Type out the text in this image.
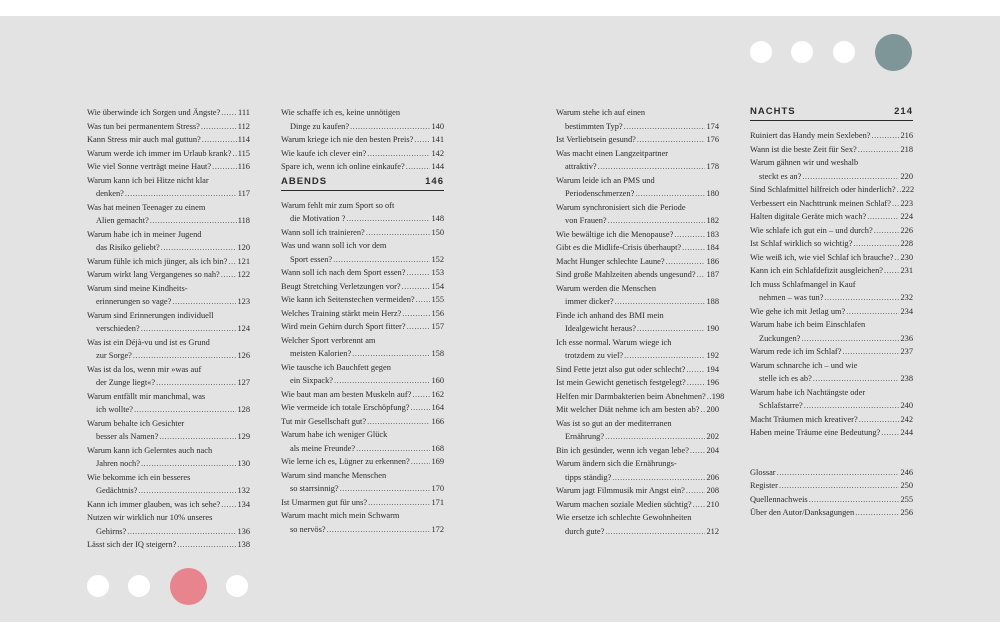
Wie überwinde ich Sorgen und Ängste? ..... 111
Was tun bei permanentem Stress? .....	112
Kann Stress mir auch mal guttun? .....	114
Warum werde ich immer im Urlaub krank? ..... 115
Wie viel Sonne verträgt meine Haut? .....	116
Warum kann ich bei Hitze nicht klar
denken? .....	117
Was hat meinen Teenager zu einem
Alien gemacht? .....	118
Warum habe ich in meiner Jugend
das Risiko geliebt? .....	120
Warum fühle ich mich jünger, als ich bin? ..... 121
Warum wirkt lang Vergangenes so nah? ..... 122
Warum sind meine Kindheits-
erinnerungen so vage? .....	123
Warum sind Erinnerungen individuell
verschieden? .....	124
Was ist ein Déjà-vu und ist es Grund
zur Sorge? .....	126
Was ist da los, wenn mir »was auf
der Zunge liegt«? .....	127
Warum entfällt mir manchmal, was
ich wollte? .....	128
Warum behalte ich Gesichter
besser als Namen? .....	129
Warum kann ich Gelerntes auch nach
Jahren noch? .....	130
Wie bekomme ich ein besseres
Gedächtnis? .....	132
Kann ich immer glauben, was ich sehe? ..... 134
Nutzen wir wirklich nur 10% unseres
Gehirns? .....	136
Lässt sich der IQ steigern? .....	138
Wie schaffe ich es, keine unnötigen
Dinge zu kaufen? .....	140
Warum kriege ich nie den besten Preis? ..... 141
Wie kaufe ich clever ein? .....	142
Spare ich, wenn ich online einkaufe? .....	144
ABENDS	146
Warum fehlt mir zum Sport so oft
die Motivation ? .....	148
Wann soll ich trainieren? .....	150
Was und wann soll ich vor dem
Sport essen? .....	152
Wann soll ich nach dem Sport essen? .....	153
Beugt Stretching Verletzungen vor? .....	154
Wie kann ich Seitenstechen vermeiden? ..... 155
Welches Training stärkt mein Herz? .....	156
Wird mein Gehirn durch Sport fitter? .....	157
Welcher Sport verbrennt am
meisten Kalorien? .....	158
Wie tausche ich Bauchfett gegen
ein Sixpack? .....	160
Wie baut man am besten Muskeln auf? ..... 162
Wie vermeide ich totale Erschöpfung? .....	164
Tut mir Gesellschaft gut? .....	166
Warum habe ich weniger Glück
als meine Freunde? .....	168
Wie lerne ich es, Lügner zu erkennen? .....	169
Warum sind manche Menschen
so starrsinnig? .....	170
Ist Umarmen gut für uns? .....	171
Warum macht mich mein Schwarm
so nervös? .....	172
Warum stehe ich auf einen
bestimmten Typ? .....	174
Ist Verliebtsein gesund? .....	176
Was macht einen Langzeitpartner
attraktiv? .....	178
Warum leide ich an PMS und
Periodenschmerzen? .....	180
Warum synchronisiert sich die Periode
von Frauen? .....	182
Wie bewältige ich die Menopause? .....	183
Gibt es die Midlife-Crisis überhaupt? .....	184
Macht Hunger schlechte Laune? .....	186
Sind große Mahlzeiten abends ungesund? ..... 187
Warum werden die Menschen
immer dicker? .....	188
Finde ich anhand des BMI mein
Idealgewicht heraus? .....	190
Ich esse normal. Warum wiege ich
trotzdem zu viel? .....	192
Sind Fette jetzt also gut oder schlecht? .....	194
Ist mein Gewicht genetisch festgelegt? ..... 196
Helfen mir Darmbakterien beim Abnehmen? ..... 198
Mit welcher Diät nehme ich am besten ab? ..... 200
Was ist so gut an der mediterranen
Ernährung? .....	202
Bin ich gesünder, wenn ich vegan lebe? ..... 204
Warum ändern sich die Ernährungs-
tipps ständig? .....	206
Warum jagt Filmmusik mir Angst ein? .....	208
Warum machen soziale Medien süchtig? ..... 210
Wie ersetze ich schlechte Gewohnheiten
durch gute? .....	212
NACHTS	214
Ruiniert das Handy mein Sexleben? .....	216
Wann ist die beste Zeit für Sex? .....	218
Warum gähnen wir und weshalb
steckt es an? .....	220
Sind Schlafmittel hilfreich oder hinderlich? ..... 222
Verbessert ein Nachttrunk meinen Schlaf? ..... 223
Halten digitale Geräte mich wach? .....	224
Wie schlafe ich gut ein – und durch? .....	226
Ist Schlaf wirklich so wichtig? .....	228
Wie weiß ich, wie viel Schlaf ich brauche? ..... 230
Kann ich ein Schlafdefizit ausgleichen? ..... 231
Ich muss Schlafmangel in Kauf
nehmen – was tun? .....	232
Wie gehe ich mit Jetlag um? .....	234
Warum habe ich beim Einschlafen
Zuckungen? .....	236
Warum rede ich im Schlaf? .....	237
Warum schnarche ich – und wie
stelle ich es ab? .....	238
Warum habe ich Nachtängste oder
Schlafstarre? .....	240
Macht Träumen mich kreativer? .....	242
Haben meine Träume eine Bedeutung? ..... 244
Glossar .....	246
Register .....	250
Quellennachweis .....	255
Über den Autor/Danksagungen .....	256
